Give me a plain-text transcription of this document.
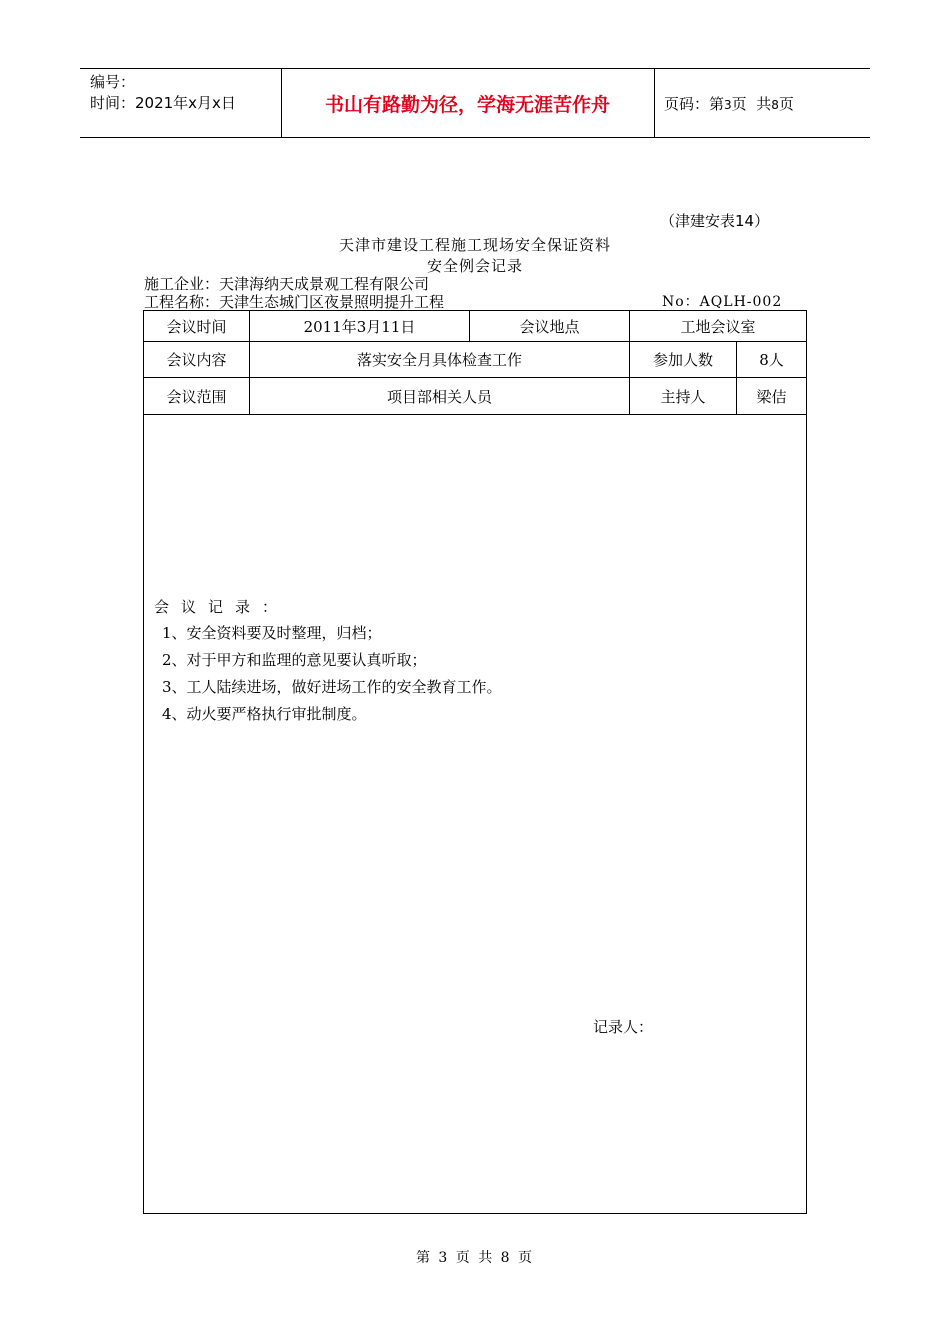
编号：
时间：2021年x月x日	书山有路勤为径，学海无涯苦作舟	页码：第3页  共8页
（津建安表14）
天津市建设工程施工现场安全保证资料
安全例会记录
施工企业：天津海纳天成景观工程有限公司
工程名称：天津生态城门区夜景照明提升工程	No：AQLH-002
会议时间	2011年3月11日	会议地点	工地会议室
会议内容	落实安全月具体检查工作	参加人数	8人
会议范围	项目部相关人员	主持人	梁佶
会议记录：
1、安全资料要及时整理，归档；
2、对于甲方和监理的意见要认真听取；
3、工人陆续进场，做好进场工作的安全教育工作。
4、动火要严格执行审批制度。
记录人：
第 3 页 共 8 页
